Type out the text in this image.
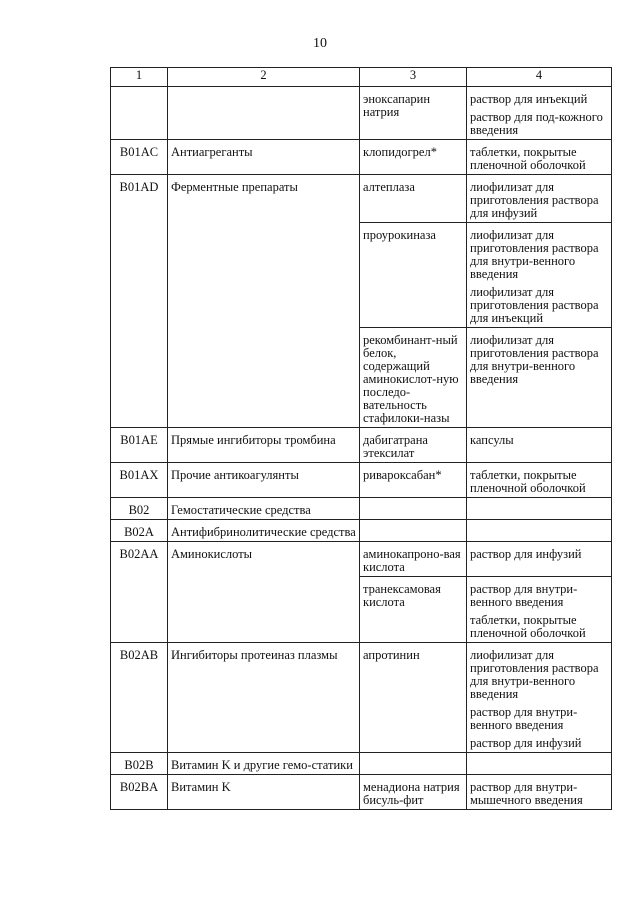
10
1	2	3	4
		эноксапарин натрия	раствор для инъекций
раствор для под-кожного введения

B01AC	Антиагреганты	клопидогрел*	таблетки, покрытые пленочной оболочкой

B01AD	Ферментные препараты	алтеплаза	лиофилизат для приготовления раствора для инфузий

		проурокиназа	лиофилизат для приготовления раствора для внутри-венного введения
лиофилизат для приготовления раствора для инъекций

		рекомбинант-ный белок, содержащий аминокислот-ную последо-вательность стафилоки-назы	лиофилизат для приготовления раствора для внутри-венного введения

B01AE	Прямые ингибиторы тромбина	дабигатрана этексилат	капсулы

B01AX	Прочие антикоагулянты	ривароксабан*	таблетки, покрытые пленочной оболочкой

B02	Гемостатические средства		
B02A	Антифибринолитические средства		
B02AA	Аминокислоты	аминокапроно-вая кислота	раствор для инфузий

		транексамовая кислота	раствор для внутри-венного введения
таблетки, покрытые пленочной оболочкой

B02AB	Ингибиторы протеиназ плазмы	апротинин	лиофилизат для приготовления раствора для внутри-венного введения
раствор для внутри-венного введения
раствор для инфузий

B02B	Витамин K и другие гемо-статики		
B02BA	Витамин K	менадиона натрия бисуль-фит	раствор для внутри-мышечного введения
